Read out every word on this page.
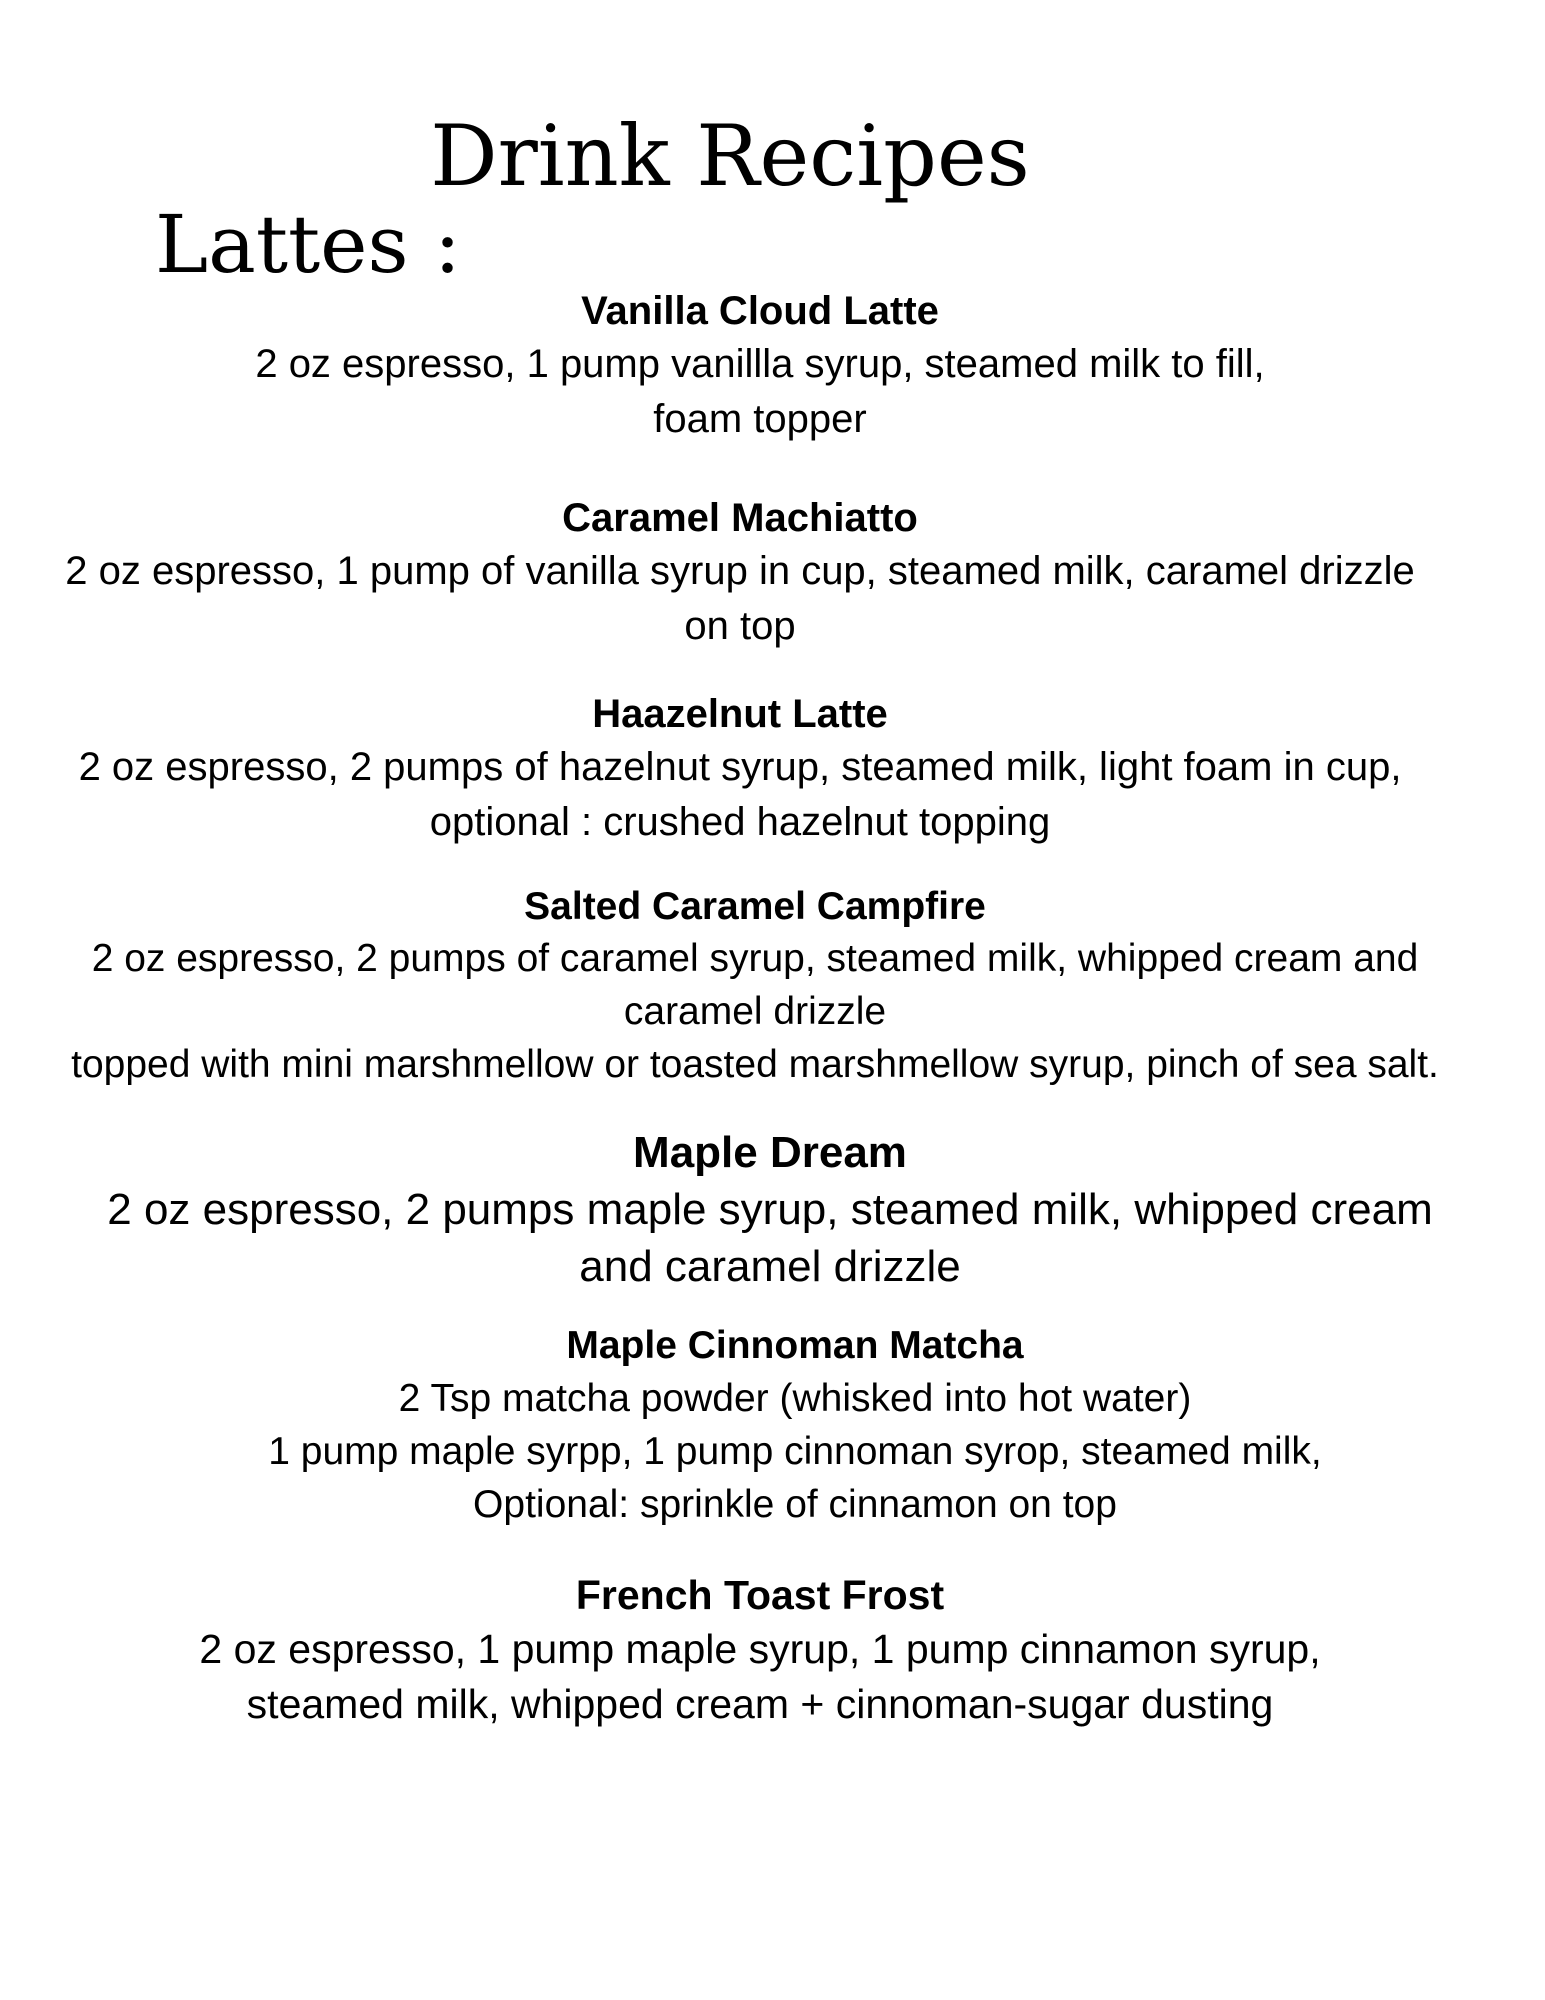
Drink Recipes
Lattes :
Vanilla Cloud Latte
2 oz espresso, 1 pump vanillla syrup, steamed milk to fill,
foam topper
Caramel Machiatto
2 oz espresso, 1 pump of vanilla syrup in cup, steamed milk, caramel drizzle
on top
Haazelnut Latte
2 oz espresso, 2 pumps of hazelnut syrup, steamed milk, light foam in cup,
optional : crushed hazelnut topping
Salted Caramel Campfire
2 oz espresso, 2 pumps of caramel syrup, steamed milk, whipped cream and
caramel drizzle
topped with mini marshmellow or toasted marshmellow syrup, pinch of sea salt.
Maple Dream
2 oz espresso, 2 pumps maple syrup, steamed milk, whipped cream
and caramel drizzle
Maple Cinnoman Matcha
2 Tsp matcha powder (whisked into hot water)
1 pump maple syrpp, 1 pump cinnoman syrop, steamed milk,
Optional: sprinkle of cinnamon on top
French Toast Frost
2 oz espresso, 1 pump maple syrup, 1 pump cinnamon syrup,
steamed milk, whipped cream + cinnoman-sugar dusting
